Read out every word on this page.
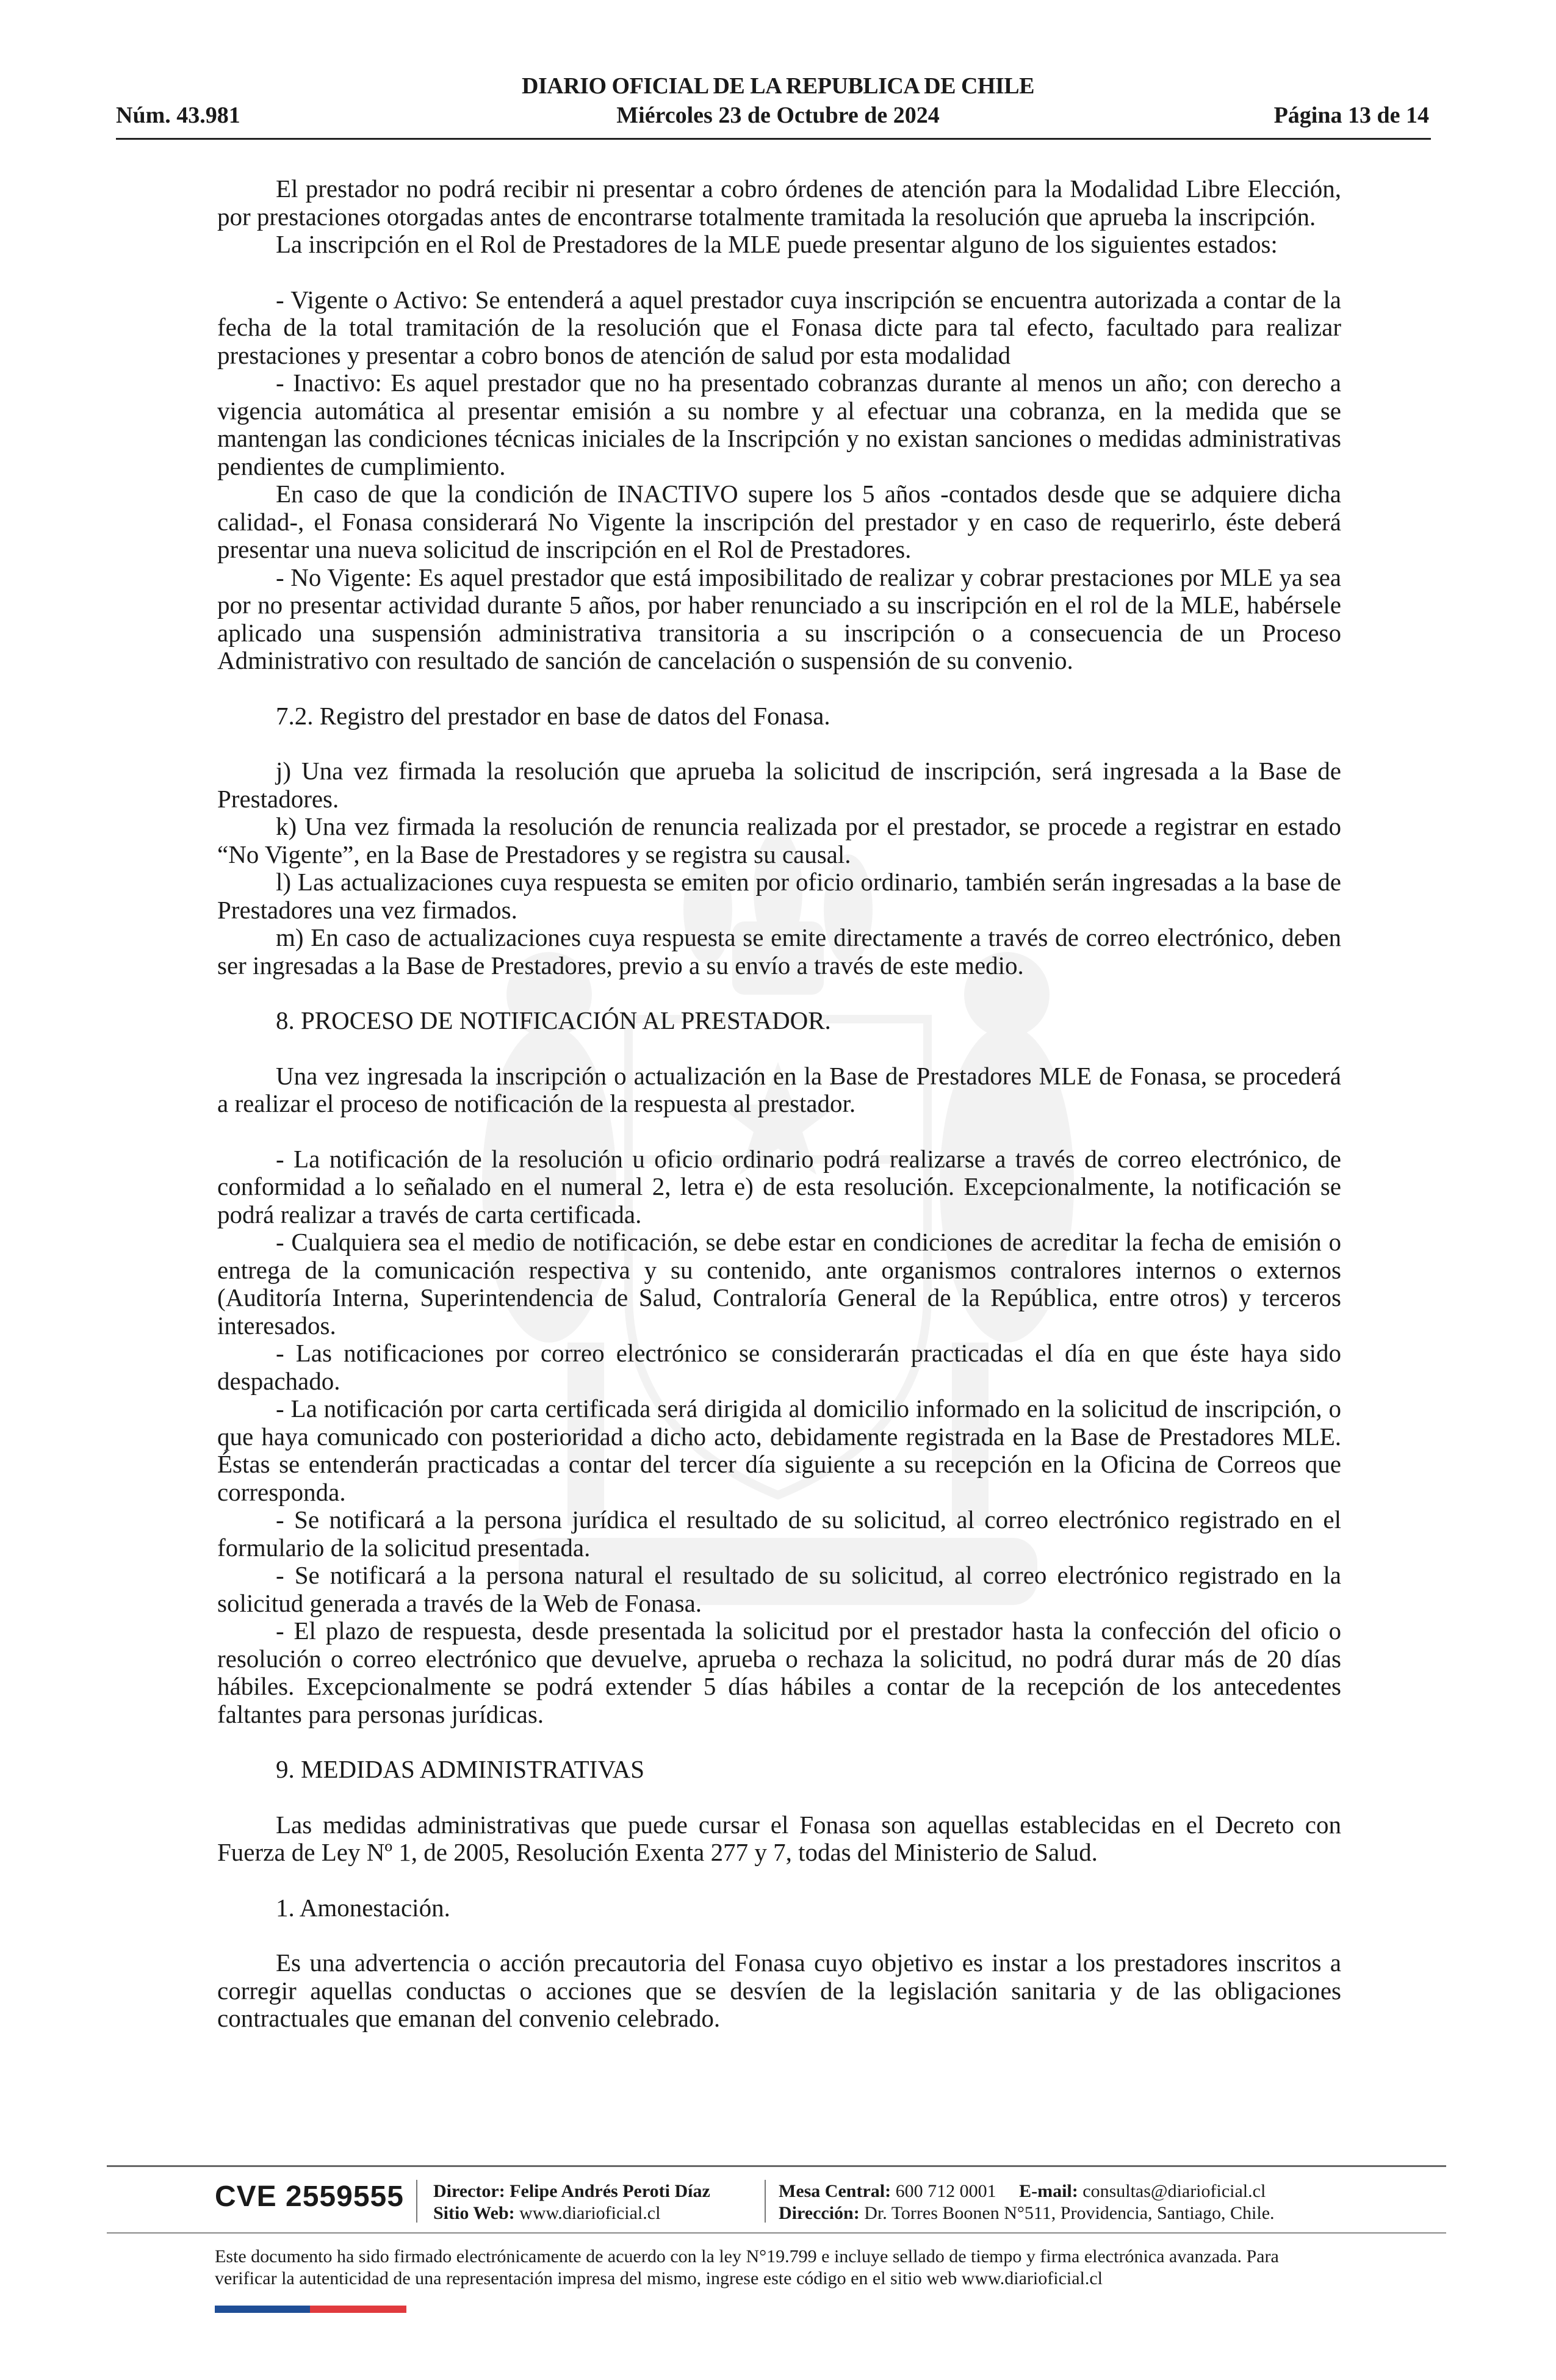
DIARIO OFICIAL DE LA REPUBLICA DE CHILE
Núm. 43.981	Miércoles 23 de Octubre de 2024	Página 13 de 14

El prestador no podrá recibir ni presentar a cobro órdenes de atención para la Modalidad Libre Elección, por prestaciones otorgadas antes de encontrarse totalmente tramitada la resolución que aprueba la inscripción.

La inscripción en el Rol de Prestadores de la MLE puede presentar alguno de los siguientes estados:

- Vigente o Activo: Se entenderá a aquel prestador cuya inscripción se encuentra autorizada a contar de la fecha de la total tramitación de la resolución que el Fonasa dicte para tal efecto, facultado para realizar prestaciones y presentar a cobro bonos de atención de salud por esta modalidad

- Inactivo: Es aquel prestador que no ha presentado cobranzas durante al menos un año; con derecho a vigencia automática al presentar emisión a su nombre y al efectuar una cobranza, en la medida que se mantengan las condiciones técnicas iniciales de la Inscripción y no existan sanciones o medidas administrativas pendientes de cumplimiento.

En caso de que la condición de INACTIVO supere los 5 años -contados desde que se adquiere dicha calidad-, el Fonasa considerará No Vigente la inscripción del prestador y en caso de requerirlo, éste deberá presentar una nueva solicitud de inscripción en el Rol de Prestadores.

- No Vigente: Es aquel prestador que está imposibilitado de realizar y cobrar prestaciones por MLE ya sea por no presentar actividad durante 5 años, por haber renunciado a su inscripción en el rol de la MLE, habérsele aplicado una suspensión administrativa transitoria a su inscripción o a consecuencia de un Proceso Administrativo con resultado de sanción de cancelación o suspensión de su convenio.

7.2. Registro del prestador en base de datos del Fonasa.

j) Una vez firmada la resolución que aprueba la solicitud de inscripción, será ingresada a la Base de Prestadores.

k) Una vez firmada la resolución de renuncia realizada por el prestador, se procede a registrar en estado “No Vigente”, en la Base de Prestadores y se registra su causal.

l) Las actualizaciones cuya respuesta se emiten por oficio ordinario, también serán ingresadas a la base de Prestadores una vez firmados.

m) En caso de actualizaciones cuya respuesta se emite directamente a través de correo electrónico, deben ser ingresadas a la Base de Prestadores, previo a su envío a través de este medio.

8. PROCESO DE NOTIFICACIÓN AL PRESTADOR.

Una vez ingresada la inscripción o actualización en la Base de Prestadores MLE de Fonasa, se procederá a realizar el proceso de notificación de la respuesta al prestador.

- La notificación de la resolución u oficio ordinario podrá realizarse a través de correo electrónico, de conformidad a lo señalado en el numeral 2, letra e) de esta resolución. Excepcionalmente, la notificación se podrá realizar a través de carta certificada.

- Cualquiera sea el medio de notificación, se debe estar en condiciones de acreditar la fecha de emisión o entrega de la comunicación respectiva y su contenido, ante organismos contralores internos o externos (Auditoría Interna, Superintendencia de Salud, Contraloría General de la República, entre otros) y terceros interesados.

- Las notificaciones por correo electrónico se considerarán practicadas el día en que éste haya sido despachado.

- La notificación por carta certificada será dirigida al domicilio informado en la solicitud de inscripción, o que haya comunicado con posterioridad a dicho acto, debidamente registrada en la Base de Prestadores MLE. Éstas se entenderán practicadas a contar del tercer día siguiente a su recepción en la Oficina de Correos que corresponda.

- Se notificará a la persona jurídica el resultado de su solicitud, al correo electrónico registrado en el formulario de la solicitud presentada.

- Se notificará a la persona natural el resultado de su solicitud, al correo electrónico registrado en la solicitud generada a través de la Web de Fonasa.

- El plazo de respuesta, desde presentada la solicitud por el prestador hasta la confección del oficio o resolución o correo electrónico que devuelve, aprueba o rechaza la solicitud, no podrá durar más de 20 días hábiles. Excepcionalmente se podrá extender 5 días hábiles a contar de la recepción de los antecedentes faltantes para personas jurídicas.

9. MEDIDAS ADMINISTRATIVAS

Las medidas administrativas que puede cursar el Fonasa son aquellas establecidas en el Decreto con Fuerza de Ley Nº 1, de 2005, Resolución Exenta 277 y 7, todas del Ministerio de Salud.

1. Amonestación.

Es una advertencia o acción precautoria del Fonasa cuyo objetivo es instar a los prestadores inscritos a corregir aquellas conductas o acciones que se desvíen de la legislación sanitaria y de las obligaciones contractuales que emanan del convenio celebrado.

CVE 2559555 Director: Felipe Andrés Peroti Díaz
Sitio Web: www.diarioficial.cl
Mesa Central: 600 712 0001 E-mail: consultas@diarioficial.cl
Dirección: Dr. Torres Boonen N°511, Providencia, Santiago, Chile.
Este documento ha sido firmado electrónicamente de acuerdo con la ley N°19.799 e incluye sellado de tiempo y firma electrónica avanzada. Para verificar la autenticidad de una representación impresa del mismo, ingrese este código en el sitio web www.diarioficial.cl
